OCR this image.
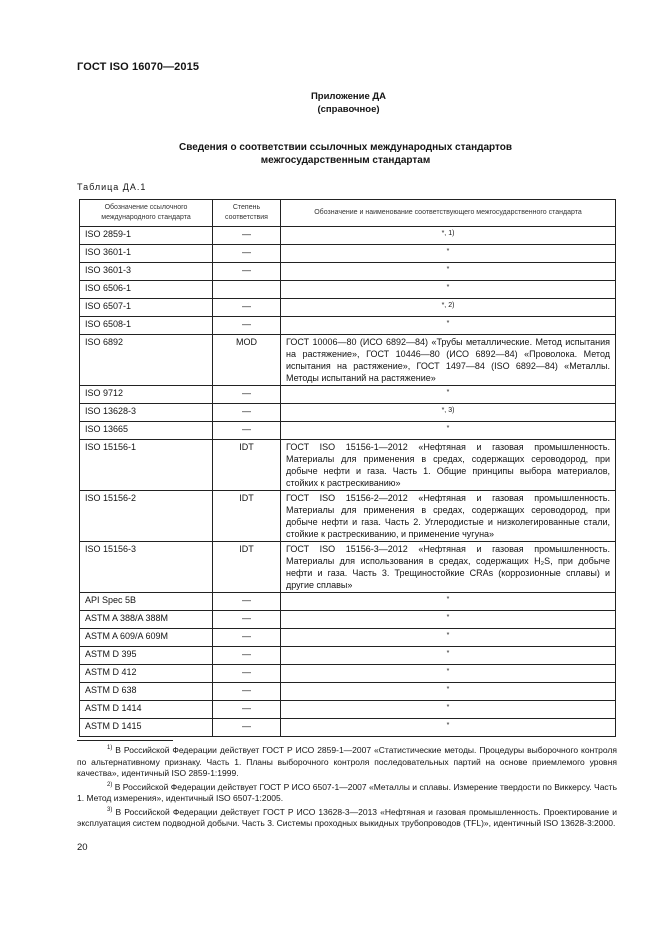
ГОСТ ISO 16070—2015
Приложение ДА
(справочное)
Сведения о соответствии ссылочных международных стандартов
межгосударственным стандартам
Таблица ДА.1
Обозначение ссылочного международного стандарта	Степень соответствия	Обозначение и наименование соответствующего межгосударственного стандарта
ISO 2859-1	—	*, 1)
ISO 3601-1	—	*
ISO 3601-3	—	*
ISO 6506-1		*
ISO 6507-1	—	*, 2)
ISO 6508-1	—	*
ISO 6892	MOD	ГОСТ 10006—80 (ИСО 6892—84) «Трубы металлические. Метод испытания на растяжение», ГОСТ 10446—80 (ИСО 6892—84) «Проволока. Метод испытания на растяжение», ГОСТ 1497—84 (ISO 6892—84) «Металлы. Методы испытаний на растяжение»
ISO 9712	—	*
ISO 13628-3	—	*, 3)
ISO 13665	—	*
ISO 15156-1	IDT	ГОСТ ISO 15156-1—2012 «Нефтяная и газовая промышленность. Материалы для применения в средах, содержащих сероводород, при добыче нефти и газа. Часть 1. Общие принципы выбора материалов, стойких к растрескиванию»
ISO 15156-2	IDT	ГОСТ ISO 15156-2—2012 «Нефтяная и газовая промышленность. Материалы для применения в средах, содержащих сероводород, при добыче нефти и газа. Часть 2. Углеродистые и низколегированные стали, стойкие к растрескиванию, и применение чугуна»
ISO 15156-3	IDT	ГОСТ ISO 15156-3—2012 «Нефтяная и газовая промышленность. Материалы для использования в средах, содержащих H₂S, при добыче нефти и газа. Часть 3. Трещиностойкие CRAs (коррозионные сплавы) и другие сплавы»
API Spec 5B	—	*
ASTM A 388/A 388M	—	*
ASTM A 609/A 609M	—	*
ASTM D 395	—	*
ASTM D 412	—	*
ASTM D 638	—	*
ASTM D 1414	—	*
ASTM D 1415	—	*
$^{1)}$ В Российской Федерации действует ГОСТ Р ИСО 2859-1—2007 «Статистические методы. Процедуры выборочного контроля по альтернативному признаку. Часть 1. Планы выборочного контроля последовательных партий на основе приемлемого уровня качества», идентичный ISO 2859-1:1999.
$^{2)}$ В Российской Федерации действует ГОСТ Р ИСО 6507-1—2007 «Металлы и сплавы. Измерение твердости по Виккерсу. Часть 1. Метод измерения», идентичный ISO 6507-1:2005.
$^{3)}$ В Российской Федерации действует ГОСТ Р ИСО 13628-3—2013 «Нефтяная и газовая промышленность. Проектирование и эксплуатация систем подводной добычи. Часть 3. Системы проходных выкидных трубопроводов (TFL)», идентичный ISO 13628-3:2000.
20
